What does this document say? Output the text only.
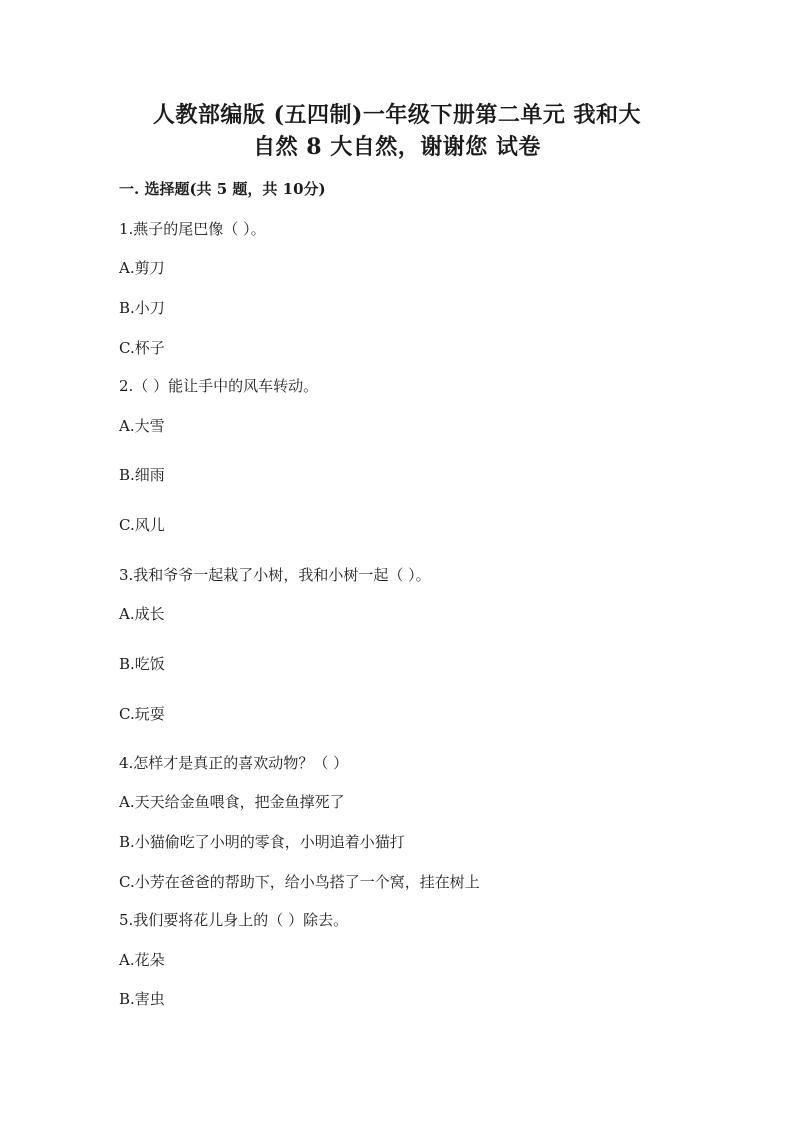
人教部编版 (五四制)一年级下册第二单元 我和大
自然 8 大自然，谢谢您 试卷
一. 选择题(共 5 题，共 10分)
1.燕子的尾巴像（ ）。
A.剪刀
B.小刀
C.杯子
2.（ ）能让手中的风车转动。
A.大雪
B.细雨
C.风儿
3.我和爷爷一起栽了小树，我和小树一起（ ）。
A.成长
B.吃饭
C.玩耍
4.怎样才是真正的喜欢动物？（ ）
A.天天给金鱼喂食，把金鱼撑死了
B.小猫偷吃了小明的零食，小明追着小猫打
C.小芳在爸爸的帮助下，给小鸟搭了一个窝，挂在树上
5.我们要将花儿身上的（ ）除去。
A.花朵
B.害虫
